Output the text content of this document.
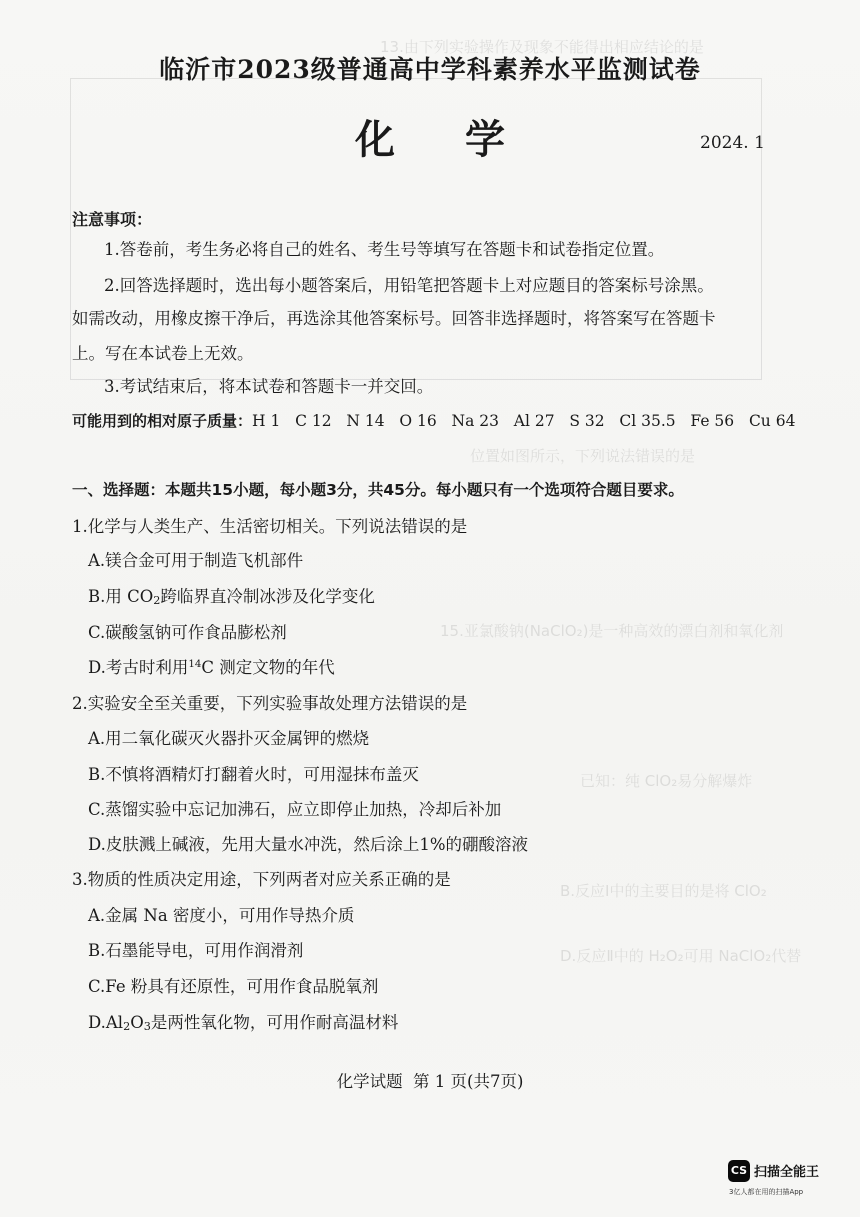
13.由下列实验操作及现象不能得出相应结论的是
位置如图所示，下列说法错误的是
15.亚氯酸钠(NaClO₂)是一种高效的漂白剂和氧化剂
已知：纯 ClO₂易分解爆炸
B.反应Ⅰ中的主要目的是将 ClO₂
D.反应Ⅱ中的 H₂O₂可用 NaClO₂代替
临沂市2023级普通高中学科素养水平监测试卷
化学	2024. 1
注意事项：
1.答卷前，考生务必将自己的姓名、考生号等填写在答题卡和试卷指定位置。
2.回答选择题时，选出每小题答案后，用铅笔把答题卡上对应题目的答案标号涂黑。
如需改动，用橡皮擦干净后，再选涂其他答案标号。回答非选择题时，将答案写在答题卡
上。写在本试卷上无效。
3.考试结束后，将本试卷和答题卡一并交回。
可能用到的相对原子质量：H 1   C 12   N 14   O 16   Na 23   Al 27   S 32   Cl 35.5   Fe 56   Cu 64
一、选择题：本题共15小题，每小题3分，共45分。每小题只有一个选项符合题目要求。
1.化学与人类生产、生活密切相关。下列说法错误的是
A.镁合金可用于制造飞机部件
B.用 $CO_2$跨临界直冷制冰涉及化学变化
C.碳酸氢钠可作食品膨松剂
D.考古时利用$^{14}$C 测定文物的年代
2.实验安全至关重要，下列实验事故处理方法错误的是
A.用二氧化碳灭火器扑灭金属钾的燃烧
B.不慎将酒精灯打翻着火时，可用湿抹布盖灭
C.蒸馏实验中忘记加沸石，应立即停止加热，冷却后补加
D.皮肤溅上碱液，先用大量水冲洗，然后涂上1%的硼酸溶液
3.物质的性质决定用途，下列两者对应关系正确的是
A.金属 Na 密度小，可用作导热介质
B.石墨能导电，可用作润滑剂
C.Fe 粉具有还原性，可用作食品脱氧剂
$D.Al_2O_3$是两性氧化物，可用作耐高温材料
化学试题  第 1 页(共7页)
CS 扫描全能王
3亿人都在用的扫描App
